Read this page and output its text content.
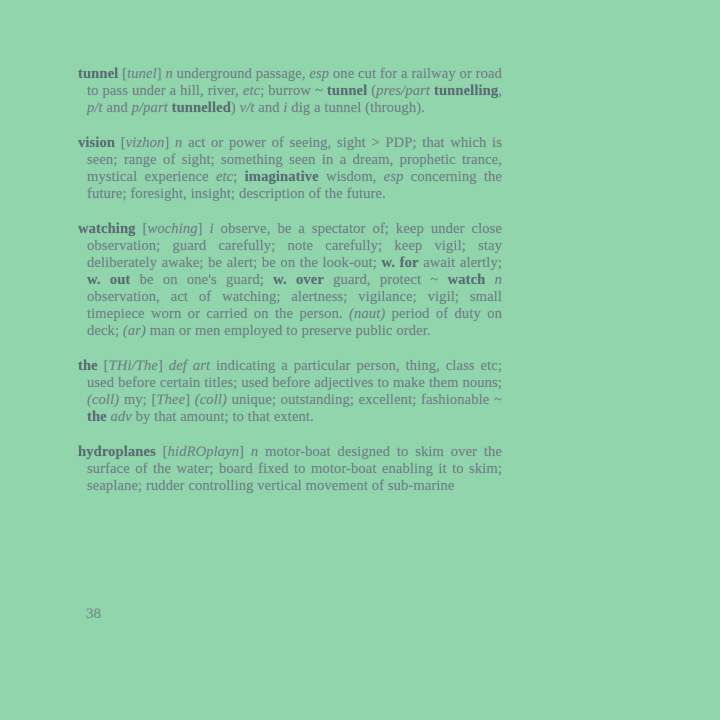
tunnel [tunel] n underground passage, esp one cut for a railway or road to pass under a hill, river, etc; burrow ~ tunnel (pres/part tunnelling, p/t and p/part tunnelled) v/t and i dig a tunnel (through).

vision [vizhon] n act or power of seeing, sight > PDP; that which is seen; range of sight; something seen in a dream, prophetic trance, mystical experience etc; imaginative wisdom, esp concerning the future; foresight, insight; description of the future.

watching [woching] i observe, be a spectator of; keep under close observation; guard carefully; note carefully; keep vigil; stay deliberately awake; be alert; be on the look-out; w. for await alertly; w. out be on one's guard; w. over guard, protect ~ watch n observation, act of watching; alertness; vigilance; vigil; small timepiece worn or carried on the person. (naut) period of duty on deck; (ar) man or men employed to preserve public order.

the [THi/The] def art indicating a particular person, thing, class etc; used before certain titles; used before adjectives to make them nouns; (coll) my; [Thee] (coll) unique; outstanding; excellent; fashionable ~ the adv by that amount; to that extent.

hydroplanes [hidROplayn] n motor-boat designed to skim over the surface of the water; board fixed to motor-boat enabling it to skim; seaplane; rudder controlling vertical movement of sub-marine

38
